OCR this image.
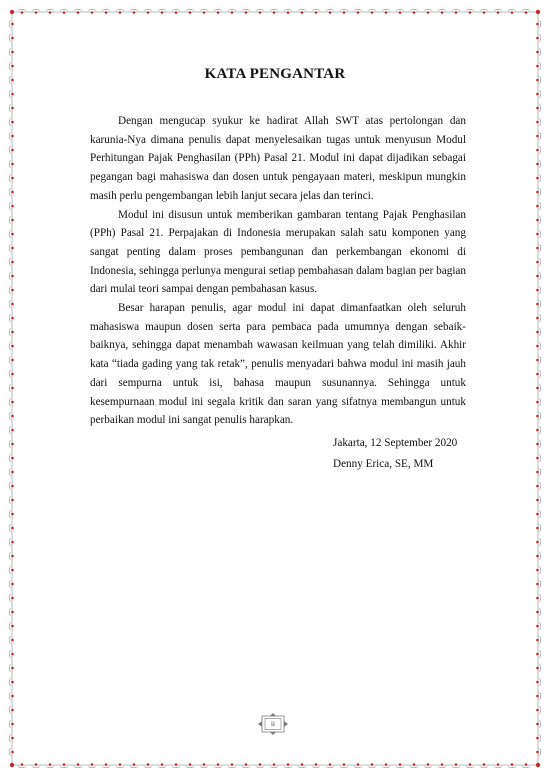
KATA PENGANTAR

Dengan mengucap syukur ke hadirat Allah SWT atas pertolongan dan karunia-Nya dimana penulis dapat menyelesaikan tugas untuk menyusun Modul Perhitungan Pajak Penghasilan (PPh) Pasal 21. Modul ini dapat dijadikan sebagai pegangan bagi mahasiswa dan dosen untuk pengayaan materi, meskipun mungkin masih perlu pengembangan lebih lanjut secara jelas dan terinci.

Modul ini disusun untuk memberikan gambaran tentang Pajak Penghasilan (PPh) Pasal 21. Perpajakan di Indonesia merupakan salah satu komponen yang sangat penting dalam proses pembangunan dan perkembangan ekonomi di Indonesia, sehingga perlunya mengurai setiap pembahasan dalam bagian per bagian dari mulai teori sampai dengan pembahasan kasus.

Besar harapan penulis, agar modul ini dapat dimanfaatkan oleh seluruh mahasiswa maupun dosen serta para pembaca pada umumnya dengan sebaik-baiknya, sehingga dapat menambah wawasan keilmuan yang telah dimiliki. Akhir kata “tiada gading yang tak retak”, penulis menyadari bahwa modul ini masih jauh dari sempurna untuk isi, bahasa maupun susunannya. Sehingga untuk kesempurnaan modul ini segala kritik dan saran yang sifatnya membangun untuk perbaikan modul ini sangat penulis harapkan.

Jakarta, 12 September 2020
Denny Erica, SE, MM
ii
